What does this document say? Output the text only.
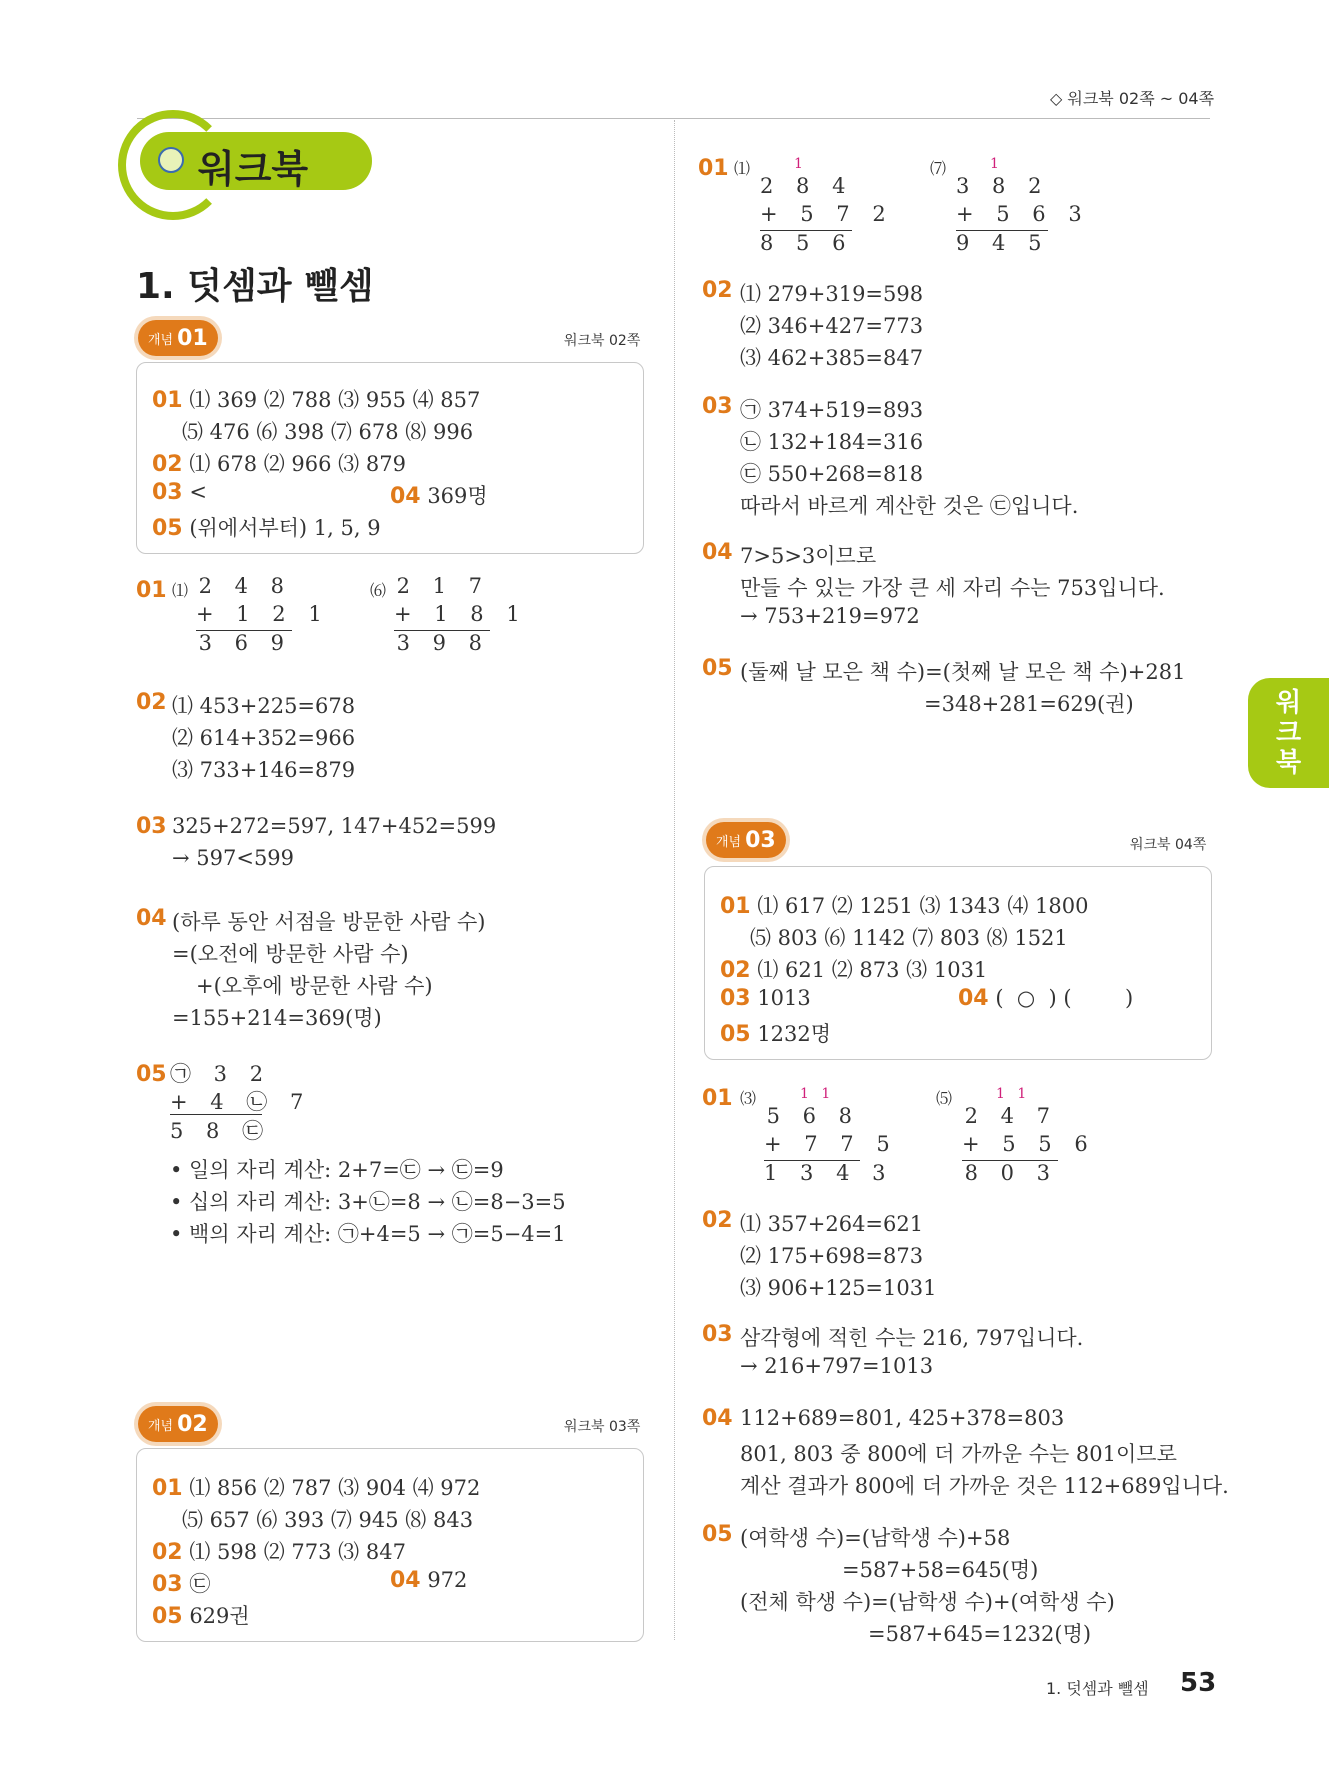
◇ 워크북 02쪽 ~ 04쪽
워크북
1. 덧셈과 뺄셈
개념 01	워크북 02쪽
01 ⑴ 369 ⑵ 788 ⑶ 955 ⑷ 857
⑸ 476 ⑹ 398 ⑺ 678 ⑻ 996
02 ⑴ 678 ⑵ 966 ⑶ 879
03 <	04 369명
05 (위에서부터) 1, 5, 9
01 ⑴ 2 4 8
+ 1 2 1
3 6 9
⑹ 2 1 7
+ 1 8 1
3 9 8
02 ⑴ 453+225=678
⑵ 614+352=966
⑶ 733+146=879
03 325+272=597, 147+452=599
→ 597<599
04 (하루 동안 서점을 방문한 사람 수)
=(오전에 방문한 사람 수)
+(오후에 방문한 사람 수)
=155+214=369(명)
05 ㉠ 3 2
+ 4 ㉡ 7
5 8 ㉢
• 일의 자리 계산: 2+7=㉢ → ㉢=9
• 십의 자리 계산: 3+㉡=8 → ㉡=8−3=5
• 백의 자리 계산: ㉠+4=5 → ㉠=5−4=1
개념 02	워크북 03쪽
01 ⑴ 856 ⑵ 787 ⑶ 904 ⑷ 972
⑸ 657 ⑹ 393 ⑺ 945 ⑻ 843
02 ⑴ 598 ⑵ 773 ⑶ 847
03 ㉢	04 972
05 629권
01 ⑴	1
2 8 4
+ 5 7 2
8 5 6
⑺	1
3 8 2
+ 5 6 3
9 4 5
02 ⑴ 279+319=598
⑵ 346+427=773
⑶ 462+385=847
03 ㉠ 374+519=893
㉡ 132+184=316
㉢ 550+268=818
따라서 바르게 계산한 것은 ㉢입니다.
04 7>5>3이므로
만들 수 있는 가장 큰 세 자리 수는 753입니다.
→ 753+219=972
05 (둘째 날 모은 책 수)=(첫째 날 모은 책 수)+281
=348+281=629(권)	워
크
북
개념 03	워크북 04쪽
01 ⑴ 617 ⑵ 1251 ⑶ 1343 ⑷ 1800
⑸ 803 ⑹ 1142 ⑺ 803 ⑻ 1521
02 ⑴ 621 ⑵ 873 ⑶ 1031
03 1013	04 (  ○  ) (        )
05 1232명
01 ⑶	1 1
5 6 8
+ 7 7 5
1 3 4 3
⑸	1 1
2 4 7
+ 5 5 6
8 0 3
02 ⑴ 357+264=621
⑵ 175+698=873
⑶ 906+125=1031
03 삼각형에 적힌 수는 216, 797입니다.
→ 216+797=1013
04 112+689=801, 425+378=803
801, 803 중 800에 더 가까운 수는 801이므로
계산 결과가 800에 더 가까운 것은 112+689입니다.
05 (여학생 수)=(남학생 수)+58
=587+58=645(명)
(전체 학생 수)=(남학생 수)+(여학생 수)
=587+645=1232(명)
1. 덧셈과 뺄셈 53
